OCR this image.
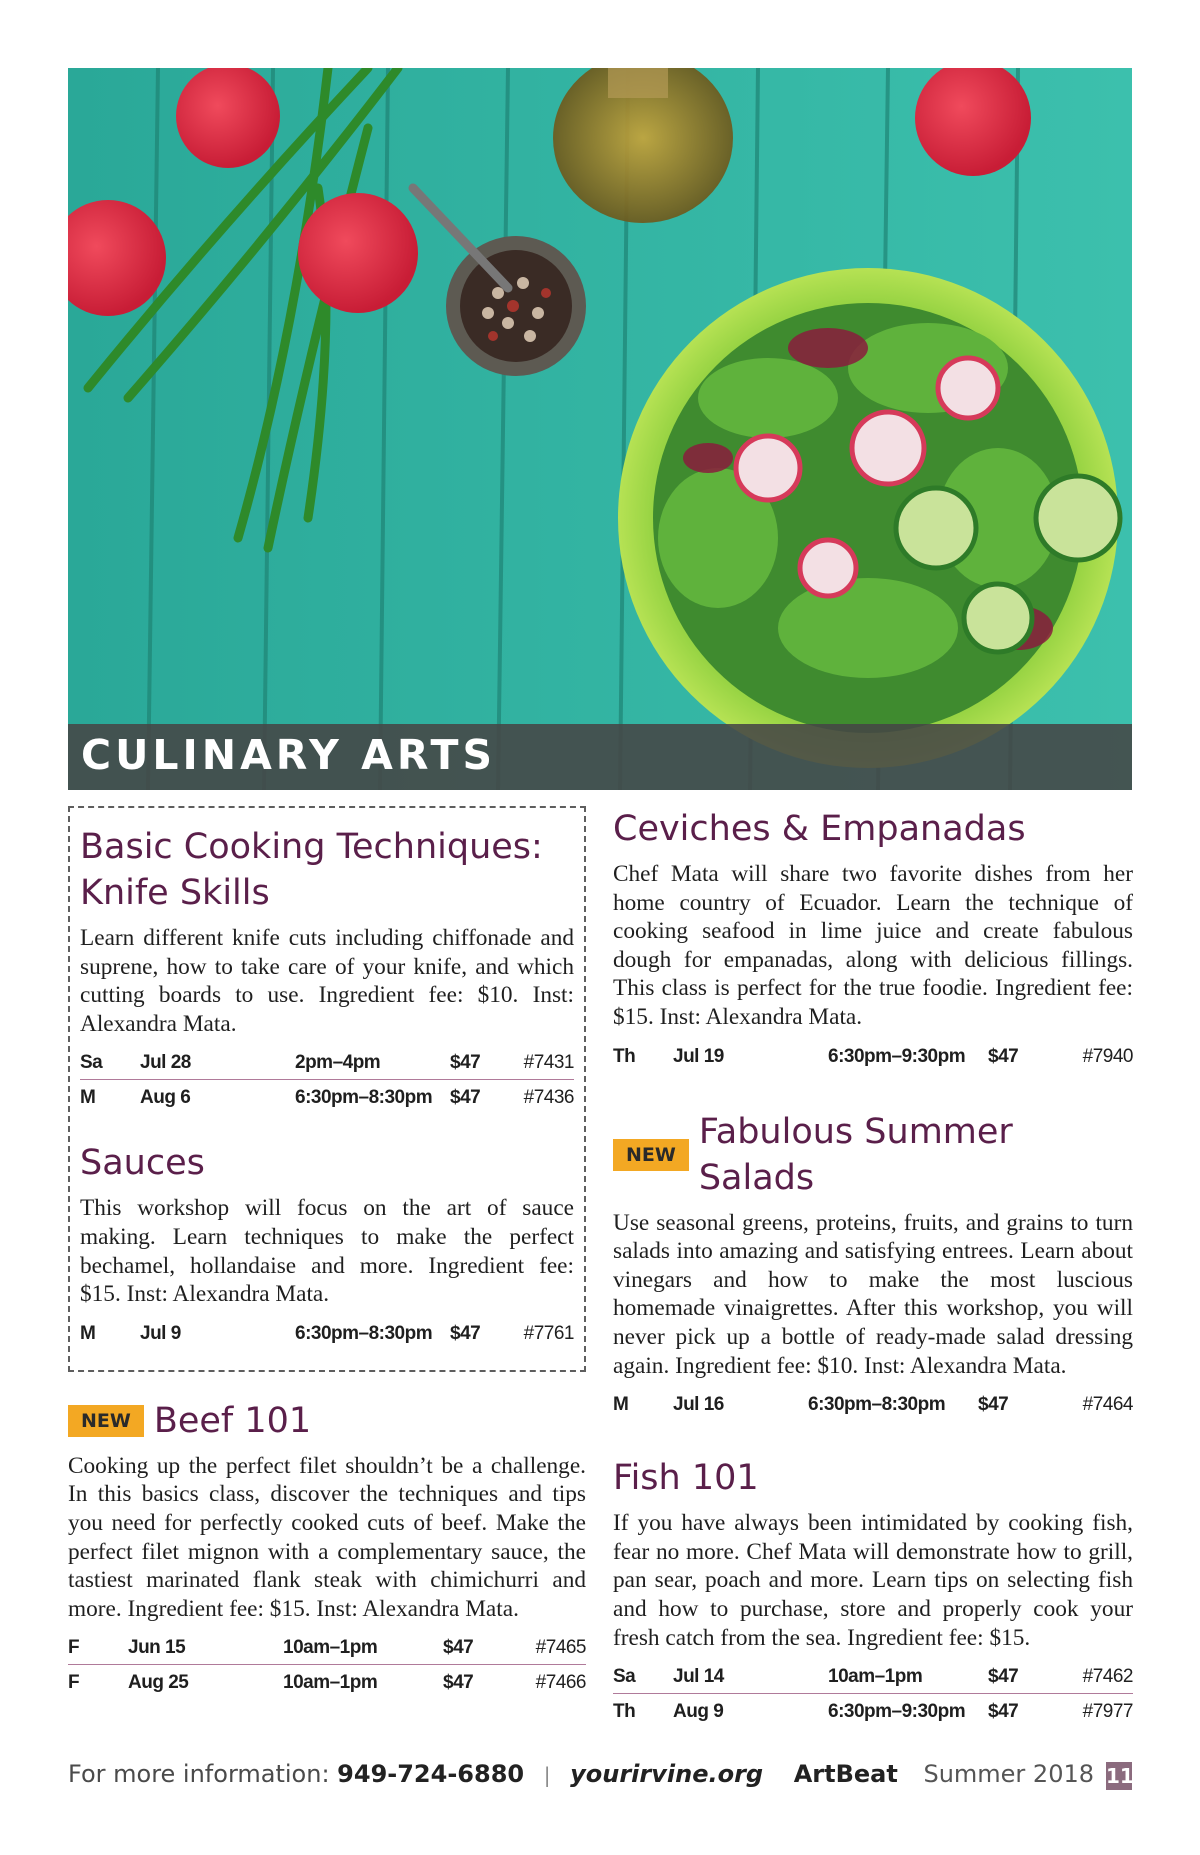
CULINARY ARTS
Basic Cooking Techniques:
Knife Skills

Learn different knife cuts including chiffonade and suprene, how to take care of your knife, and which cutting boards to use. Ingredient fee: $10. Inst: Alexandra Mata.

Sa	Jul 28	2pm–4pm	$47	#7431
M	Aug 6	6:30pm–8:30pm	$47	#7436
Sauces

This workshop will focus on the art of sauce making. Learn techniques to make the perfect bechamel, hollandaise and more. Ingredient fee: $15. Inst: Alexandra Mata.

M	Jul 9	6:30pm–8:30pm	$47	#7761
NEW Beef 101

Cooking up the perfect filet shouldn’t be a challenge. In this basics class, discover the techniques and tips you need for perfectly cooked cuts of beef. Make the perfect filet mignon with a complementary sauce, the tastiest marinated flank steak with chimichurri and more. Ingredient fee: $15. Inst: Alexandra Mata.

F	Jun 15	10am–1pm	$47	#7465
F	Aug 25	10am–1pm	$47	#7466
Ceviches & Empanadas

Chef Mata will share two favorite dishes from her home country of Ecuador. Learn the technique of cooking seafood in lime juice and create fabulous dough for empanadas, along with delicious fillings. This class is perfect for the true foodie. Ingredient fee: $15. Inst: Alexandra Mata.

Th	Jul 19	6:30pm–9:30pm	$47	#7940
NEW
Fabulous Summer Salads

Use seasonal greens, proteins, fruits, and grains to turn salads into amazing and satisfying entrees. Learn about vinegars and how to make the most luscious homemade vinaigrettes. After this workshop, you will never pick up a bottle of ready-made salad dressing again. Ingredient fee: $10. Inst: Alexandra Mata.

M	Jul 16	6:30pm–8:30pm	$47	#7464
Fish 101

If you have always been intimidated by cooking fish, fear no more. Chef Mata will demonstrate how to grill, pan sear, poach and more. Learn tips on selecting fish and how to purchase, store and properly cook your fresh catch from the sea. Ingredient fee: $15.

Sa	Jul 14	10am–1pm	$47	#7462
Th	Aug 9	6:30pm–9:30pm	$47	#7977
For more information: 949-724-6880 | yourirvine.org ArtBeat Summer 2018 11
